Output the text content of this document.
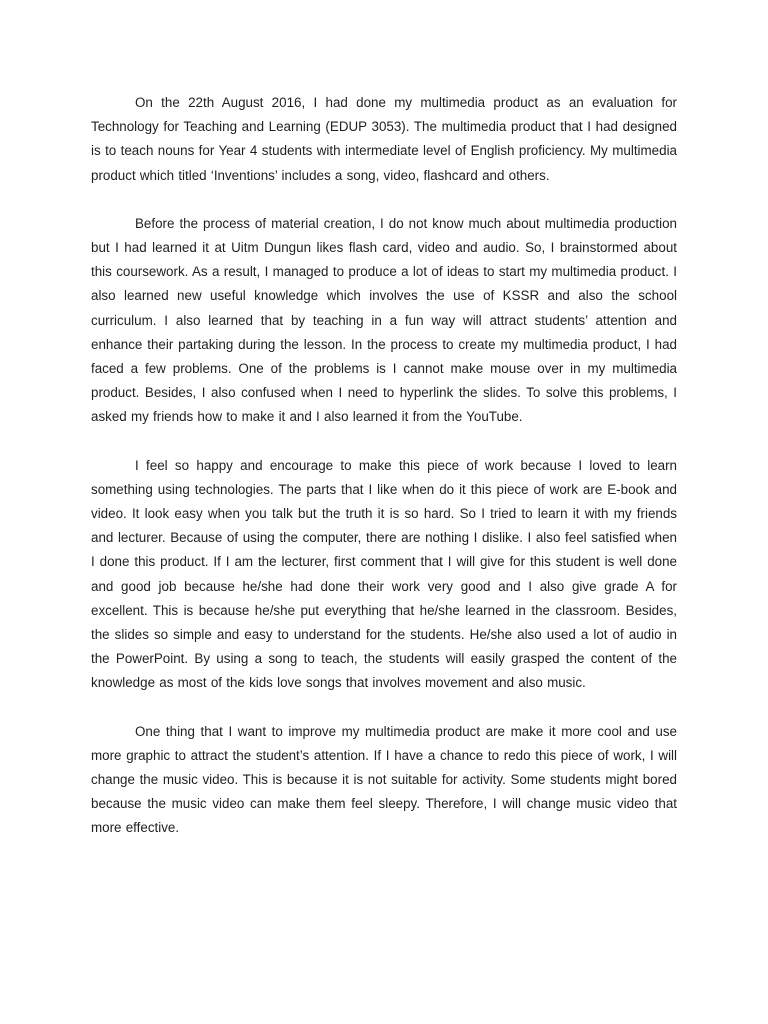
On the 22th August 2016, I had done my multimedia product as an evaluation for Technology for Teaching and Learning (EDUP 3053). The multimedia product that I had designed is to teach nouns for Year 4 students with intermediate level of English proficiency. My multimedia product which titled ‘Inventions’ includes a song, video, flashcard and others.

Before the process of material creation, I do not know much about multimedia production but I had learned it at Uitm Dungun likes flash card, video and audio. So, I brainstormed about this coursework. As a result, I managed to produce a lot of ideas to start my multimedia product. I also learned new useful knowledge which involves the use of KSSR and also the school curriculum. I also learned that by teaching in a fun way will attract students’ attention and enhance their partaking during the lesson. In the process to create my multimedia product, I had faced a few problems. One of the problems is I cannot make mouse over in my multimedia product. Besides, I also confused when I need to hyperlink the slides. To solve this problems, I asked my friends how to make it and I also learned it from the YouTube.

I feel so happy and encourage to make this piece of work because I loved to learn something using technologies. The parts that I like when do it this piece of work are E-book and video. It look easy when you talk but the truth it is so hard. So I tried to learn it with my friends and lecturer. Because of using the computer, there are nothing I dislike. I also feel satisfied when I done this product. If I am the lecturer, first comment that I will give for this student is well done and good job because he/she had done their work very good and I also give grade A for excellent. This is because he/she put everything that he/she learned in the classroom. Besides, the slides so simple and easy to understand for the students. He/she also used a lot of audio in the PowerPoint. By using a song to teach, the students will easily grasped the content of the knowledge as most of the kids love songs that involves movement and also music.

One thing that I want to improve my multimedia product are make it more cool and use more graphic to attract the student’s attention. If I have a chance to redo this piece of work, I will change the music video. This is because it is not suitable for activity. Some students might bored because the music video can make them feel sleepy. Therefore, I will change music video that more effective.
